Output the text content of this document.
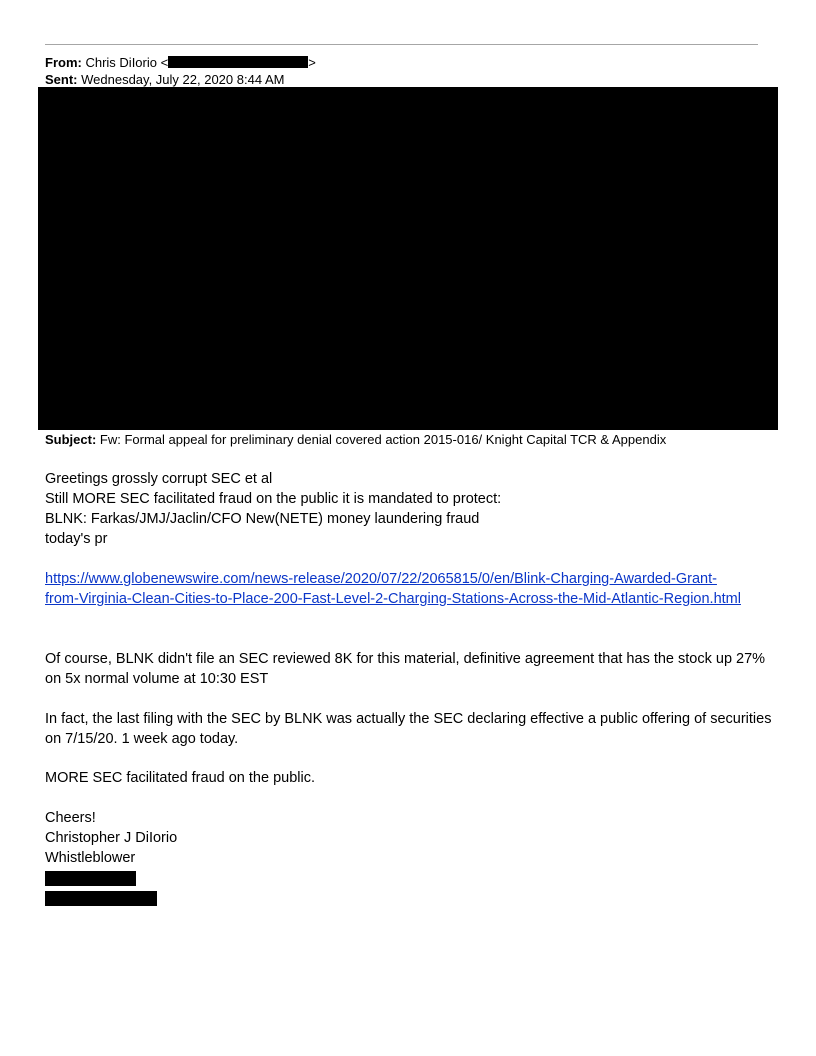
From: Chris DiIorio <	>
Sent: Wednesday, July 22, 2020 8:44 AM
Subject: Fw: Formal appeal for preliminary denial covered action 2015-016/ Knight Capital TCR & Appendix
Greetings grossly corrupt SEC et al
Still MORE SEC facilitated fraud on the public it is mandated to protect:
BLNK: Farkas/JMJ/Jaclin/CFO New(NETE) money laundering fraud
today's pr
https://www.globenewswire.com/news-release/2020/07/22/2065815/0/en/Blink-Charging-Awarded-Grant-
from-Virginia-Clean-Cities-to-Place-200-Fast-Level-2-Charging-Stations-Across-the-Mid-Atlantic-Region.html
Of course, BLNK didn't file an SEC reviewed 8K for this material, definitive agreement that has the stock up 27%
on 5x normal volume at 10:30 EST
In fact, the last filing with the SEC by BLNK was actually the SEC declaring effective a public offering of securities
on 7/15/20. 1 week ago today.
MORE SEC facilitated fraud on the public.
Cheers!
Christopher J DiIorio
Whistleblower
